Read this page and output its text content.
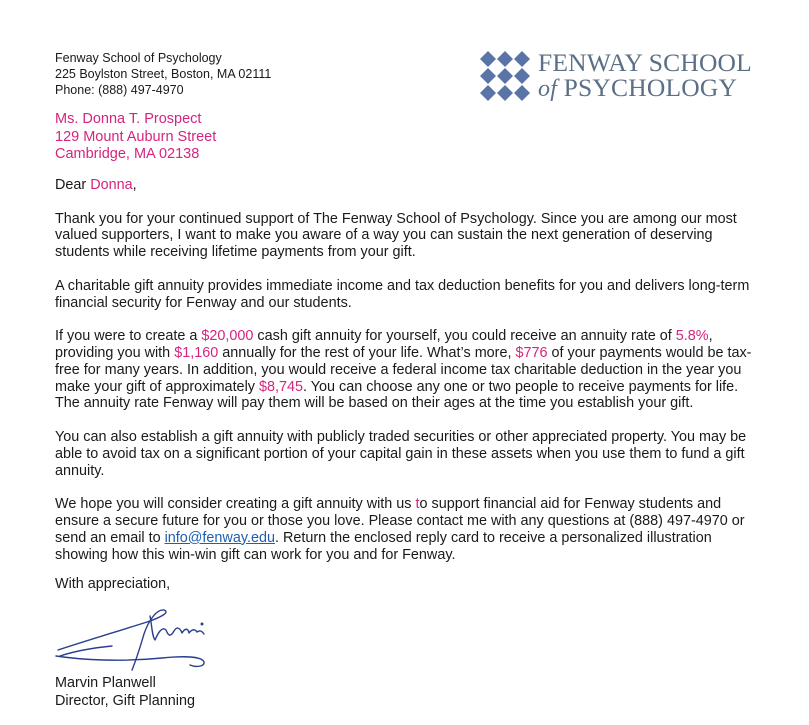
Fenway School of Psychology
225 Boylston Street, Boston, MA 02111
Phone: (888) 497-4970
FENWAY SCHOOL
of PSYCHOLOGY
Ms. Donna T. Prospect
129 Mount Auburn Street
Cambridge, MA 02138
Dear Donna,

Thank you for your continued support of The Fenway School of Psychology. Since you are among our most valued supporters, I want to make you aware of a way you can sustain the next generation of deserving students while receiving lifetime payments from your gift.

A charitable gift annuity provides immediate income and tax deduction benefits for you and delivers long-term financial security for Fenway and our students.

If you were to create a $20,000 cash gift annuity for yourself, you could receive an annuity rate of 5.8%, providing you with $1,160 annually for the rest of your life. What’s more, $776 of your payments would be tax-free for many years. In addition, you would receive a federal income tax charitable deduction in the year you make your gift of approximately $8,745. You can choose any one or two people to receive payments for life. The annuity rate Fenway will pay them will be based on their ages at the time you establish your gift.

You can also establish a gift annuity with publicly traded securities or other appreciated property. You may be able to avoid tax on a significant portion of your capital gain in these assets when you use them to fund a gift annuity.

We hope you will consider creating a gift annuity with us to support financial aid for Fenway students and ensure a secure future for you or those you love. Please contact me with any questions at (888) 497-4970 or send an email to info@fenway.edu. Return the enclosed reply card to receive a personalized illustration showing how this win-win gift can work for you and for Fenway.

With appreciation,
Marvin Planwell
Director, Gift Planning
